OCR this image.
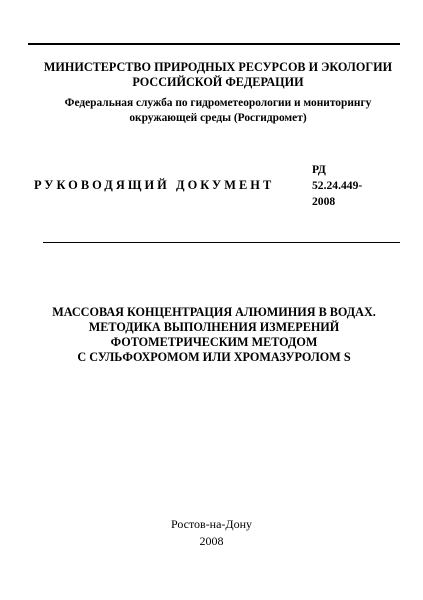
МИНИСТЕРСТВО ПРИРОДНЫХ РЕСУРСОВ И ЭКОЛОГИИ
РОССИЙСКОЙ ФЕДЕРАЦИИ
Федеральная служба по гидрометеорологии и мониторингу
окружающей среды (Росгидромет)
РУКОВОДЯЩИЙ ДОКУМЕНТ
РД
52.24.449-
2008
МАССОВАЯ КОНЦЕНТРАЦИЯ АЛЮМИНИЯ В ВОДАХ.
МЕТОДИКА ВЫПОЛНЕНИЯ ИЗМЕРЕНИЙ
ФОТОМЕТРИЧЕСКИМ МЕТОДОМ
С СУЛЬФОХРОМОМ ИЛИ ХРОМАЗУРОЛОМ S
Ростов-на-Дону
2008
